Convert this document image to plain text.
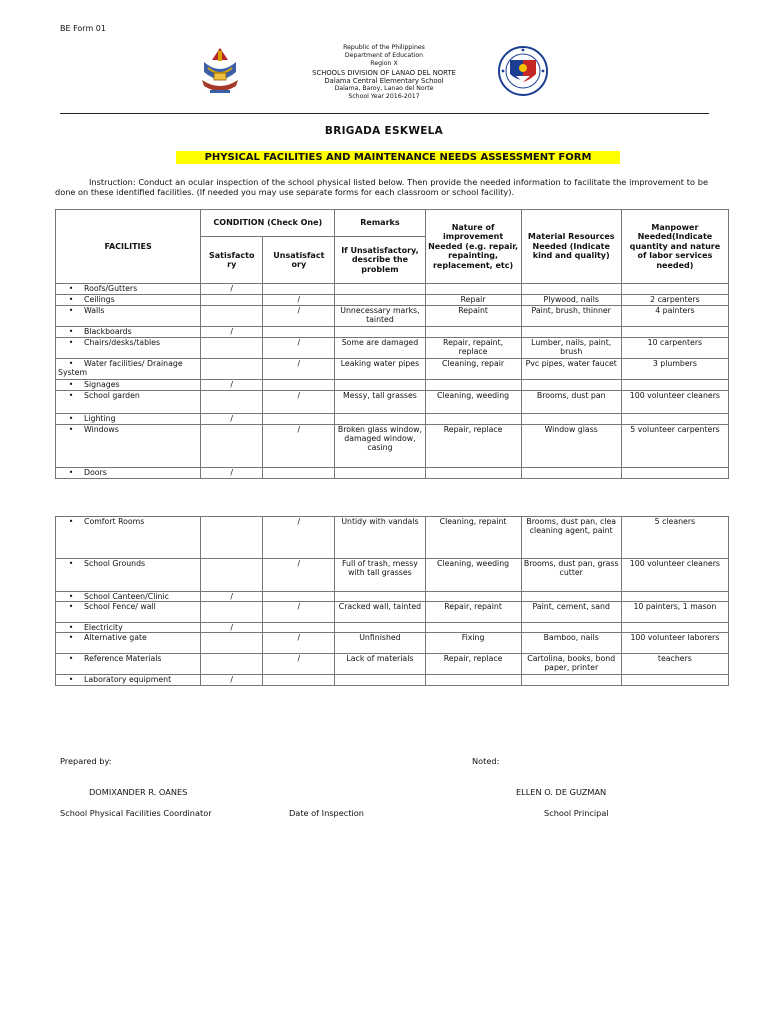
BE Form 01
Republic of the Philippines
Department of Education
Region X
SCHOOLS DIVISION OF LANAO DEL NORTE
Dalama Central Elementary School
Dalama, Baroy, Lanao del Norte
School Year 2016-2017
BRIGADA ESKWELA
PHYSICAL FACILITIES AND MAINTENANCE NEEDS ASSESSMENT FORM
Instruction: Conduct an ocular inspection of the school physical listed below. Then provide the needed information to facilitate the improvement to be done on these identified facilities. (If needed you may use separate forms for each classroom or school facility).
FACILITIES	CONDITION (Check One)		Remarks	Nature of improvement Needed (e.g. repair, repainting, replacement, etc)	Material Resources Needed (Indicate kind and quality)	Manpower Needed(Indicate quantity and nature of labor services needed)
	Satisfacto ry	Unsatisfact ory	If Unsatisfactory, describe the problem			
• Roofs/Gutters	/					
• Ceilings		/		Repair	Plywood, nails	2 carpenters
• Walls		/	Unnecessary marks, tainted	Repaint	Paint, brush, thinner	4 painters
• Blackboards	/					
• Chairs/desks/tables		/	Some are damaged	Repair, repaint, replace	Lumber, nails, paint, brush	10 carpenters
• Water facilities/ Drainage System		/	Leaking water pipes	Cleaning, repair	Pvc pipes, water faucet	3 plumbers
• Signages	/					
• School garden		/	Messy, tall grasses	Cleaning, weeding	Brooms, dust pan	100 volunteer cleaners
• Lighting	/					
• Windows		/	Broken glass window, damaged window, casing	Repair, replace	Window glass	5 volunteer carpenters
• Doors	/					
• Comfort Rooms		/	Untidy with vandals	Cleaning, repaint	Brooms, dust pan, clea cleaning agent, paint	5 cleaners
• School Grounds		/	Full of trash, messy with tall grasses	Cleaning, weeding	Brooms, dust pan, grass cutter	100 volunteer cleaners
• School Canteen/Clinic	/					
• School Fence/ wall		/	Cracked wall, tainted	Repair, repaint	Paint, cement, sand	10 painters, 1 mason
• Electricity	/					
• Alternative gate		/	Unfinished	Fixing	Bamboo, nails	100 volunteer laborers
• Reference Materials		/	Lack of materials	Repair, replace	Cartolina, books, bond paper, printer	teachers
• Laboratory equipment	/					
Prepared by:	Noted:
DOMIXANDER R. OANES	ELLEN O. DE GUZMAN
School Physical Facilities Coordinator	Date of Inspection	School Principal
